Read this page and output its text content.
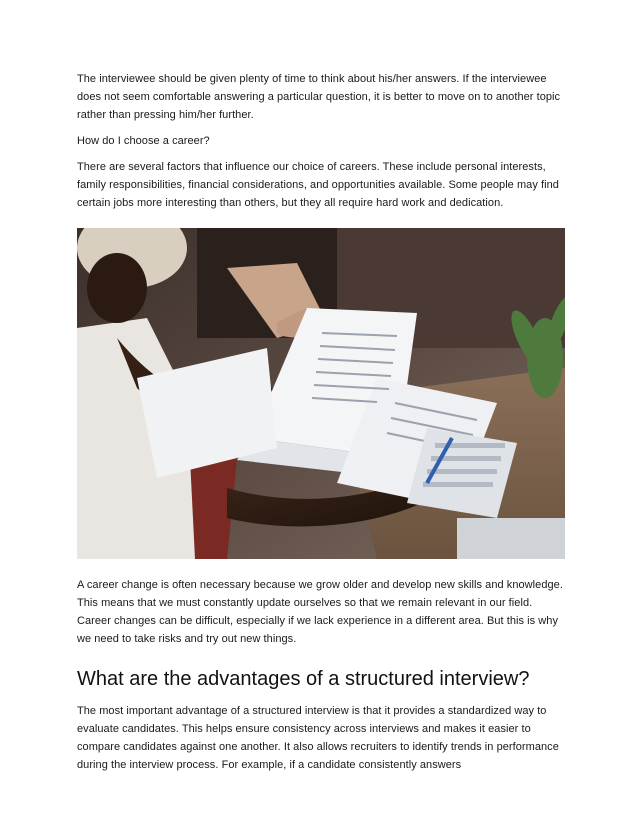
The interviewee should be given plenty of time to think about his/her answers. If the interviewee does not seem comfortable answering a particular question, it is better to move on to another topic rather than pressing him/her further.

How do I choose a career?

There are several factors that influence our choice of careers. These include personal interests, family responsibilities, financial considerations, and opportunities available. Some people may find certain jobs more interesting than others, but they all require hard work and dedication.

A career change is often necessary because we grow older and develop new skills and knowledge. This means that we must constantly update ourselves so that we remain relevant in our field. Career changes can be difficult, especially if we lack experience in a different area. But this is why we need to take risks and try out new things.

What are the advantages of a structured interview?

The most important advantage of a structured interview is that it provides a standardized way to evaluate candidates. This helps ensure consistency across interviews and makes it easier to compare candidates against one another. It also allows recruiters to identify trends in performance during the interview process. For example, if a candidate consistently answers
